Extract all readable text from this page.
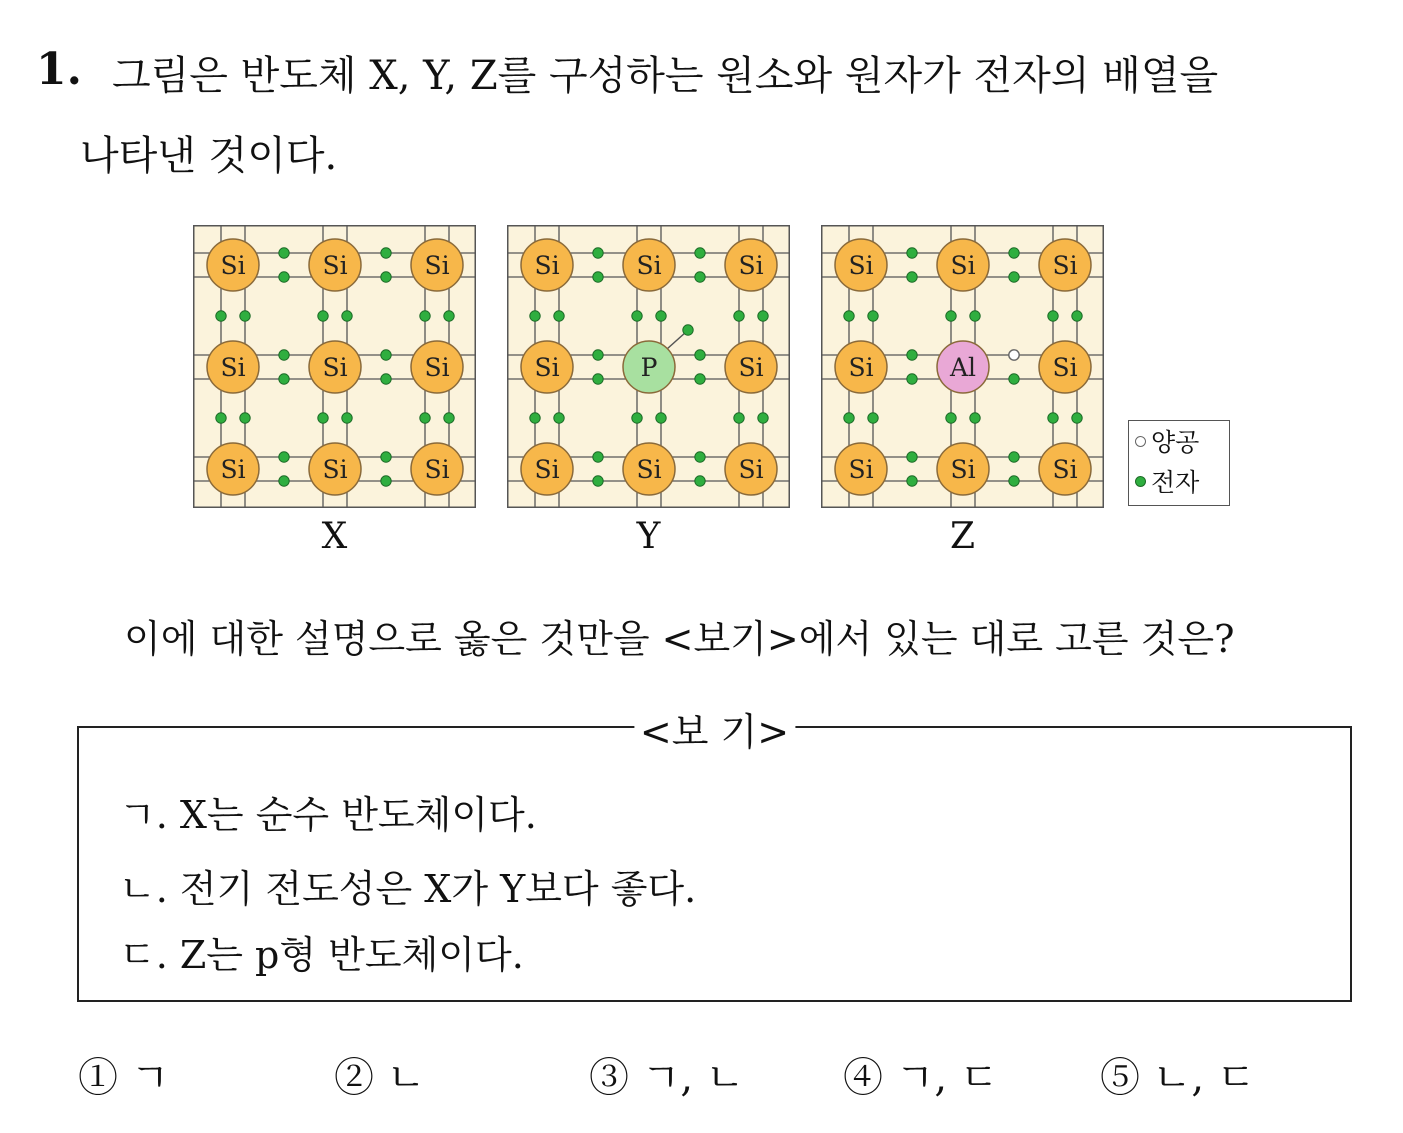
1. 그림은 반도체 X, Y, Z를 구성하는 원소와 원자가 전자의 배열을
나타낸 것이다.
Si	Si	Si
Si	Si	Si
Si	Si	Si
Si	Si	Si
Si	P	Si
Si	Si	Si
Si	Si	Si
Si	Al	Si
Si	Si	Si
X	Y	Z
양공
전자
이에 대한 설명으로 옳은 것만을 <보기>에서 있는 대로 고른 것은?
<보 기>
ㄱ. X는 순수 반도체이다.
ㄴ. 전기 전도성은 X가 Y보다 좋다.
ㄷ. Z는 p형 반도체이다.
① ㄱ	② ㄴ	③ ㄱ, ㄴ ④ ㄱ, ㄷ	⑤ ㄴ, ㄷ
